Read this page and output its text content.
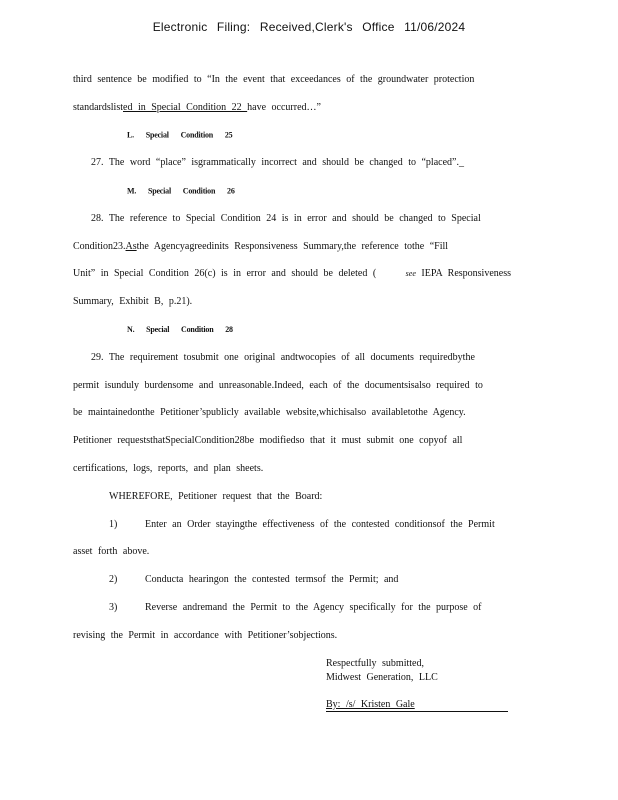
Electronic Filing: Received,Clerk's Office 11/06/2024
third sentence be modified to “In the event that exceedances of the groundwater protection
standardslisted in Special Condition 22 have occurred…”
L. Special Condition 25
27. The word “place” isgrammatically incorrect and should be changed to “placed”._
M. Special Condition 26
28. The reference to Special Condition 24 is in error and should be changed to Special
Condition23.Asthe Agencyagreedinits Responsiveness Summary,the reference tothe “Fill
Unit” in Special Condition 26(c) is in error and should be deleted (	see IEPA Responsiveness
Summary, Exhibit B, p.21).
N. Special Condition 28
29. The requirement tosubmit one original andtwocopies of all documents requiredbythe
permit isunduly burdensome and unreasonable.Indeed, each of the documentsisalso required to
be maintainedonthe Petitioner’spublicly available website,whichisalso availabletothe Agency.
Petitioner requeststhatSpecialCondition28be modifiedso that it must submit one copyof all
certifications, logs, reports, and plan sheets.
WHEREFORE, Petitioner request that the Board:
1)	Enter an Order stayingthe effectiveness of the contested conditionsof the Permit
asset forth above.
2)	Conducta hearingon the contested termsof the Permit; and
3)	Reverse andremand the Permit to the Agency specifically for the purpose of
revising the Permit in accordance with Petitioner’sobjections.
Respectfully submitted,
Midwest Generation, LLC
By: /s/ Kristen Gale
